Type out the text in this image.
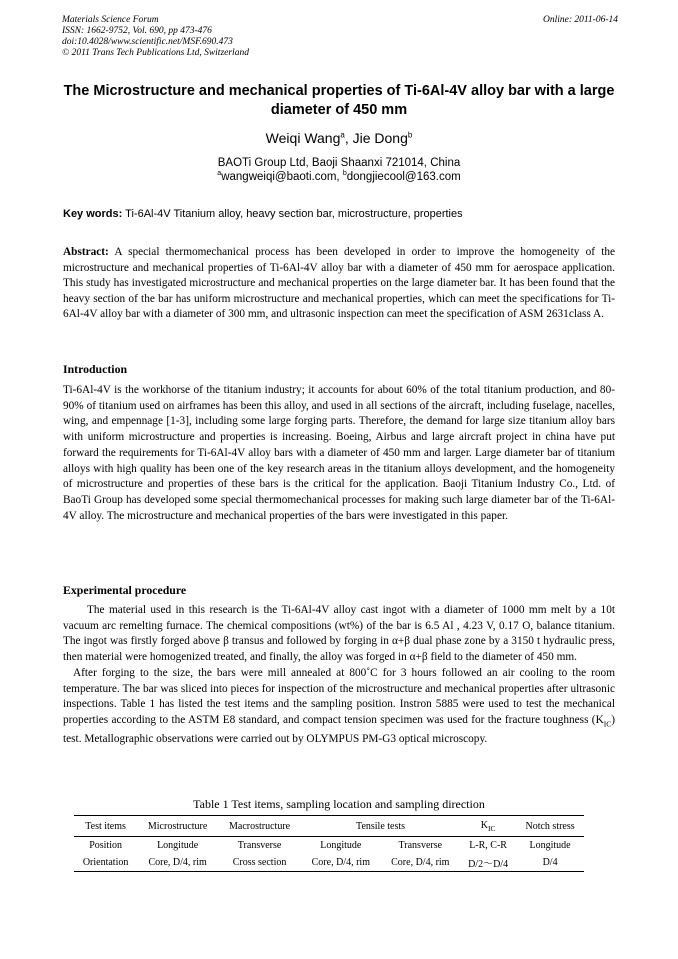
Materials Science Forum
ISSN: 1662-9752, Vol. 690, pp 473-476
doi:10.4028/www.scientific.net/MSF.690.473
© 2011 Trans Tech Publications Ltd, Switzerland
Online: 2011-06-14
The Microstructure and mechanical properties of Ti-6Al-4V alloy bar with a large diameter of 450 mm
Weiqi Wang$^a$, Jie Dong$^b$
BAOTi Group Ltd, Baoji Shaanxi 721014, China
$^a$wangweiqi@baoti.com, $^b$dongjiecool@163.com
Key words: Ti-6Al-4V Titanium alloy, heavy section bar, microstructure, properties
Abstract: A special thermomechanical process has been developed in order to improve the homogeneity of the microstructure and mechanical properties of Ti-6Al-4V alloy bar with a diameter of 450 mm for aerospace application. This study has investigated microstructure and mechanical properties on the large diameter bar. It has been found that the heavy section of the bar has uniform microstructure and mechanical properties, which can meet the specifications for Ti-6Al-4V alloy bar with a diameter of 300 mm, and ultrasonic inspection can meet the specification of ASM 2631class A.
Introduction

Ti-6Al-4V is the workhorse of the titanium industry; it accounts for about 60% of the total titanium production, and 80-90% of titanium used on airframes has been this alloy, and used in all sections of the aircraft, including fuselage, nacelles, wing, and empennage [1-3], including some large forging parts. Therefore, the demand for large size titanium alloy bars with uniform microstructure and properties is increasing. Boeing, Airbus and large aircraft project in china have put forward the requirements for Ti-6Al-4V alloy bars with a diameter of 450 mm and larger. Large diameter bar of titanium alloys with high quality has been one of the key research areas in the titanium alloys development, and the homogeneity of microstructure and properties of these bars is the critical for the application. Baoji Titanium Industry Co., Ltd. of BaoTi Group has developed some special thermomechanical processes for making such large diameter bar of the Ti-6Al-4V alloy. The microstructure and mechanical properties of the bars were investigated in this paper.

Experimental procedure

The material used in this research is the Ti-6Al-4V alloy cast ingot with a diameter of 1000 mm melt by a 10t vacuum arc remelting furnace. The chemical compositions (wt%) of the bar is 6.5 Al , 4.23 V, 0.17 O, balance titanium. The ingot was firstly forged above β transus and followed by forging in α+β dual phase zone by a 3150 t hydraulic press, then material were homogenized treated, and finally, the alloy was forged in α+β field to the diameter of 450 mm.

After forging to the size, the bars were mill annealed at 800˚C for 3 hours followed an air cooling to the room temperature. The bar was sliced into pieces for inspection of the microstructure and mechanical properties after ultrasonic inspections. Table 1 has listed the test items and the sampling position. Instron 5885 were used to test the mechanical properties according to the ASTM E8 standard, and compact tension specimen was used for the fracture toughness $(K_{IC})$ test. Metallographic observations were carried out by OLYMPUS PM-G3 optical microscopy.

Table 1 Test items, sampling location and sampling direction
Test items	Microstructure	Macrostructure	Tensile tests		$K_{IC}$	Notch stress
Position	Longitude	Transverse	Longitude	Transverse	L-R, C-R	Longitude
Orientation	Core, D/4, rim	Cross section	Core, D/4, rim	Core, D/4, rim	D/2～D/4	D/4
